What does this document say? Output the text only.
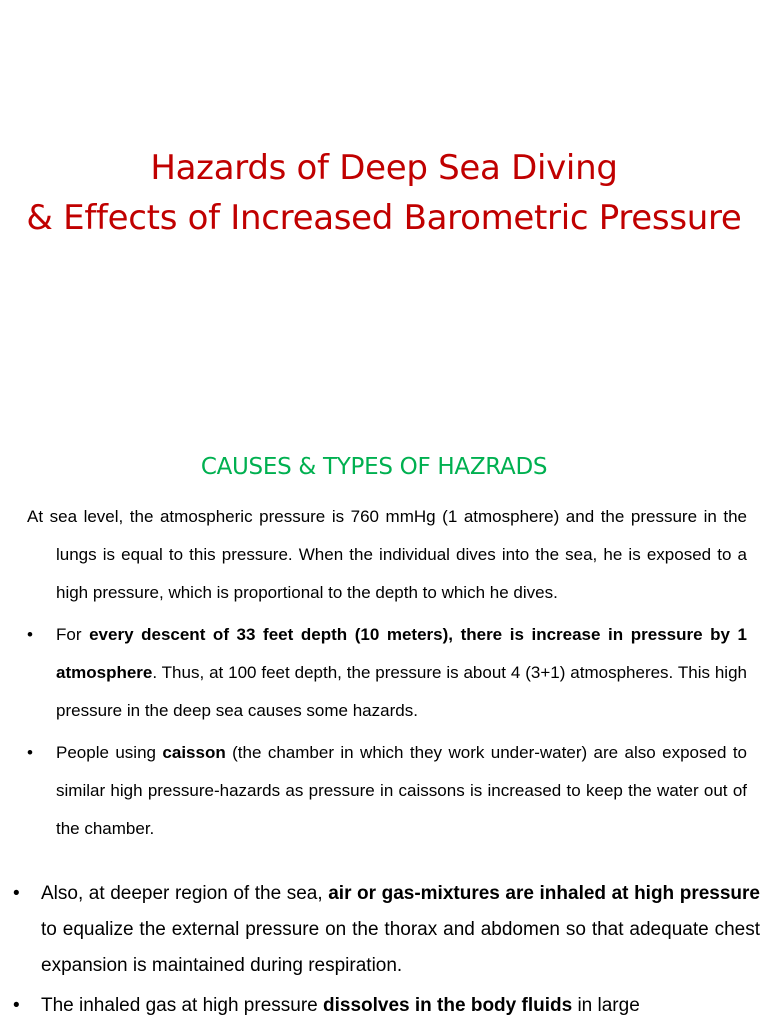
Hazards of Deep Sea Diving
& Effects of Increased Barometric Pressure
CAUSES & TYPES OF HAZRADS

At sea level, the atmospheric pressure is 760 mmHg (1 atmosphere) and the pressure in the lungs is equal to this pressure. When the individual dives into the sea, he is exposed to a high pressure, which is proportional to the depth to which he dives.

• For every descent of 33 feet depth (10 meters), there is increase in pressure by 1 atmosphere. Thus, at 100 feet depth, the pressure is about 4 (3+1) atmospheres. This high pressure in the deep sea causes some hazards.
• People using caisson (the chamber in which they work under-water) are also exposed to similar high pressure-hazards as pressure in caissons is increased to keep the water out of the chamber.
• Also, at deeper region of the sea, air or gas-mixtures are inhaled at high pressure to equalize the external pressure on the thorax and abdomen so that adequate chest expansion is maintained during respiration.
• The inhaled gas at high pressure dissolves in the body fluids in large
